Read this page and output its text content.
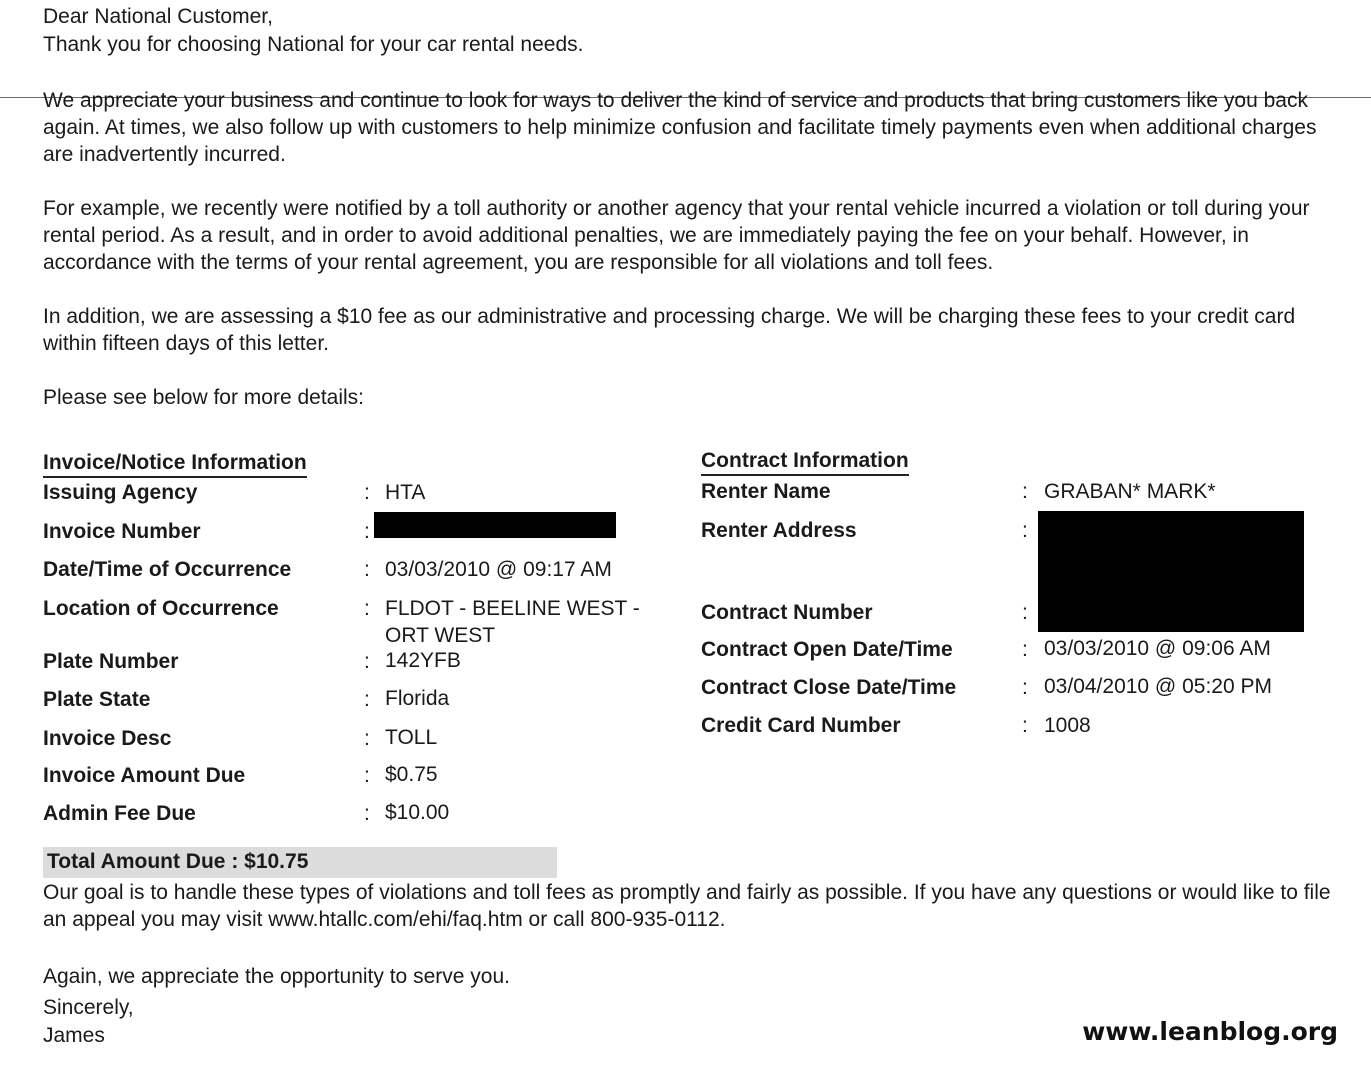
Dear National Customer,
Thank you for choosing National for your car rental needs.
We appreciate your business and continue to look for ways to deliver the kind of service and products that bring customers like you back again. At times, we also follow up with customers to help minimize confusion and facilitate timely payments even when additional charges are inadvertently incurred.
For example, we recently were notified by a toll authority or another agency that your rental vehicle incurred a violation or toll during your rental period. As a result, and in order to avoid additional penalties, we are immediately paying the fee on your behalf. However, in accordance with the terms of your rental agreement, you are responsible for all violations and toll fees.
In addition, we are assessing a $10 fee as our administrative and processing charge. We will be charging these fees to your credit card within fifteen days of this letter.
Please see below for more details:
Invoice/Notice Information
Issuing Agency	: HTA
Invoice Number	:
Date/Time of Occurrence	: 03/03/2010 @ 09:17 AM
Location of Occurrence	: FLDOT - BEELINE WEST -
ORT WEST
Plate Number	: 142YFB
Plate State	: Florida
Invoice Desc	: TOLL
Invoice Amount Due	: $0.75
Admin Fee Due	: $10.00
Contract Information
Renter Name	: GRABAN* MARK*
Renter Address	:
Contract Number	:
Contract Open Date/Time	: 03/03/2010 @ 09:06 AM
Contract Close Date/Time	: 03/04/2010 @ 05:20 PM
Credit Card Number	: 1008
Total Amount Due : $10.75
Our goal is to handle these types of violations and toll fees as promptly and fairly as possible. If you have any questions or would like to file an appeal you may visit www.htallc.com/ehi/faq.htm or call 800-935-0112.
Again, we appreciate the opportunity to serve you.
Sincerely,
James	www.leanblog.org
